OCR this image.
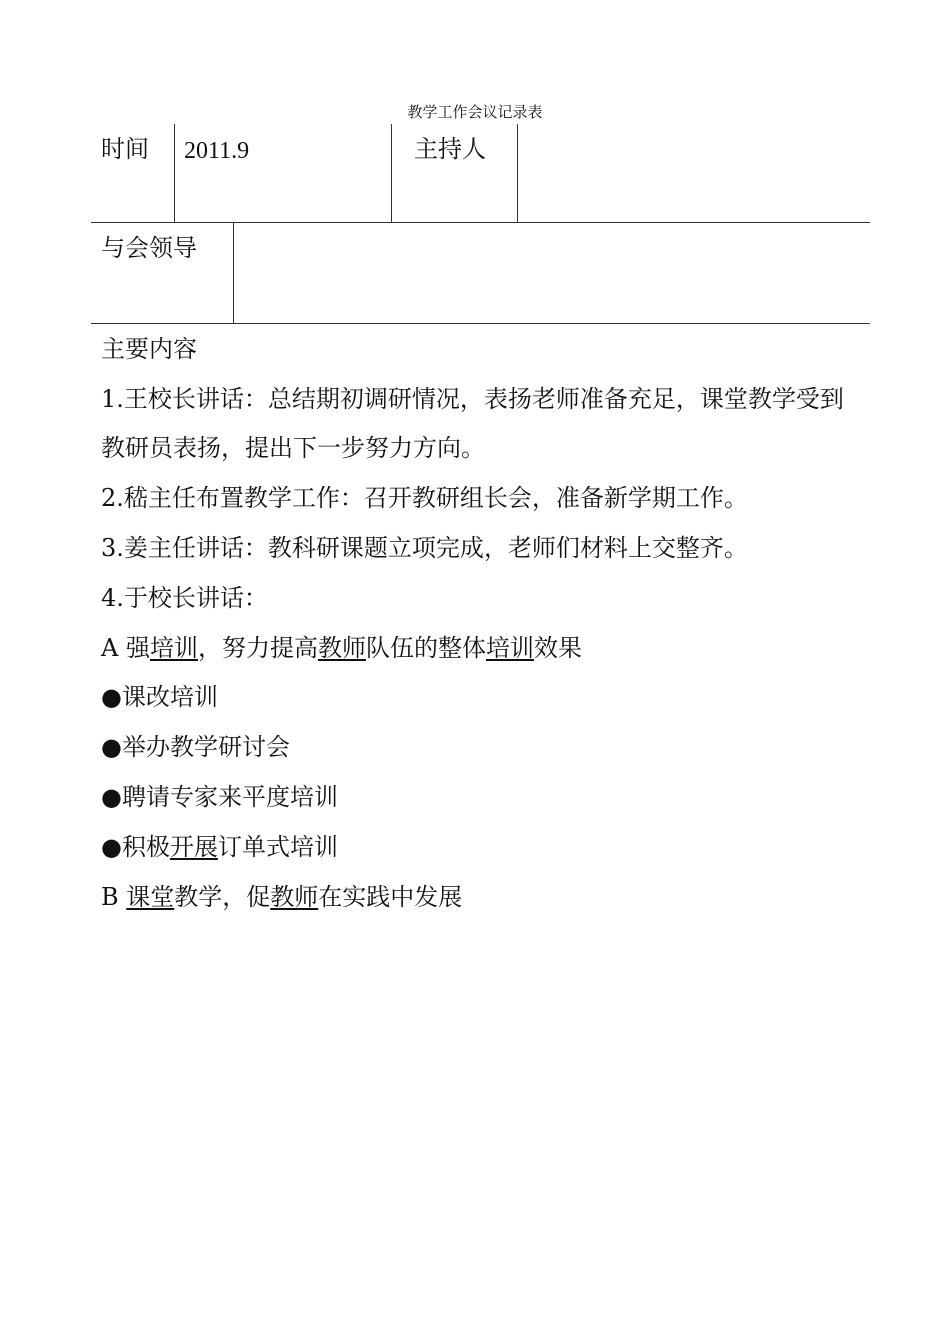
教学工作会议记录表
时间 2011.9	主持人
与会领导
主要内容
1.王校长讲话：总结期初调研情况，表扬老师准备充足，课堂教学受到
教研员表扬，提出下一步努力方向。
2.嵇主任布置教学工作：召开教研组长会，准备新学期工作。
3.姜主任讲话：教科研课题立项完成，老师们材料上交整齐。
4.于校长讲话：
A 强培训，努力提高教师队伍的整体培训效果
●课改培训
●举办教学研讨会
●聘请专家来平度培训
●积极开展订单式培训
B 课堂教学，促教师在实践中发展
